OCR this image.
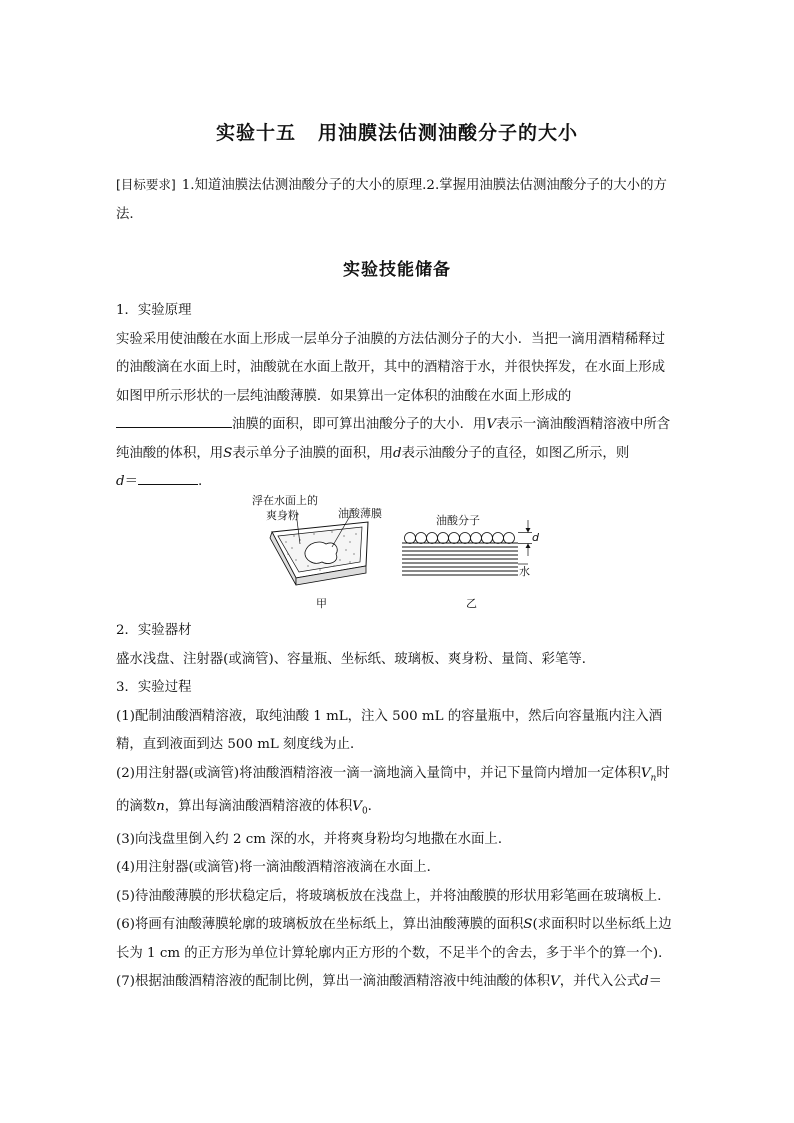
实验十五 用油膜法估测油酸分子的大小
[目标要求] 1.知道油膜法估测油酸分子的大小的原理.2.掌握用油膜法估测油酸分子的大小的方法.
实验技能储备
1．实验原理
实验采用使油酸在水面上形成一层单分子油膜的方法估测分子的大小．当把一滴用酒精稀释过的油酸滴在水面上时，油酸就在水面上散开，其中的酒精溶于水，并很快挥发，在水面上形成如图甲所示形状的一层纯油酸薄膜．如果算出一定体积的油酸在水面上形成的油膜的面积，即可算出油酸分子的大小．用V表示一滴油酸酒精溶液中所含纯油酸的体积，用S表示单分子油膜的面积，用d表示油酸分子的直径，如图乙所示，则
d＝	.
浮在水面上的
爽身粉	油酸薄膜
甲
油酸分子
d
水
乙
2．实验器材
盛水浅盘、注射器(或滴管)、容量瓶、坐标纸、玻璃板、爽身粉、量筒、彩笔等．
3．实验过程
(1)配制油酸酒精溶液，取纯油酸 1 mL，注入 500 mL 的容量瓶中，然后向容量瓶内注入酒精，直到液面到达 500 mL 刻度线为止．
(2)用注射器(或滴管)将油酸酒精溶液一滴一滴地滴入量筒中，并记下量筒内增加一定体积$V_n$时的滴数n，算出每滴油酸酒精溶液的体积$V_0$.
(3)向浅盘里倒入约 2 cm 深的水，并将爽身粉均匀地撒在水面上．
(4)用注射器(或滴管)将一滴油酸酒精溶液滴在水面上．
(5)待油酸薄膜的形状稳定后，将玻璃板放在浅盘上，并将油酸膜的形状用彩笔画在玻璃板上．
(6)将画有油酸薄膜轮廓的玻璃板放在坐标纸上，算出油酸薄膜的面积S(求面积时以坐标纸上边长为 1 cm 的正方形为单位计算轮廓内正方形的个数，不足半个的舍去，多于半个的算一个)．
(7)根据油酸酒精溶液的配制比例，算出一滴油酸酒精溶液中纯油酸的体积V，并代入公式d＝
